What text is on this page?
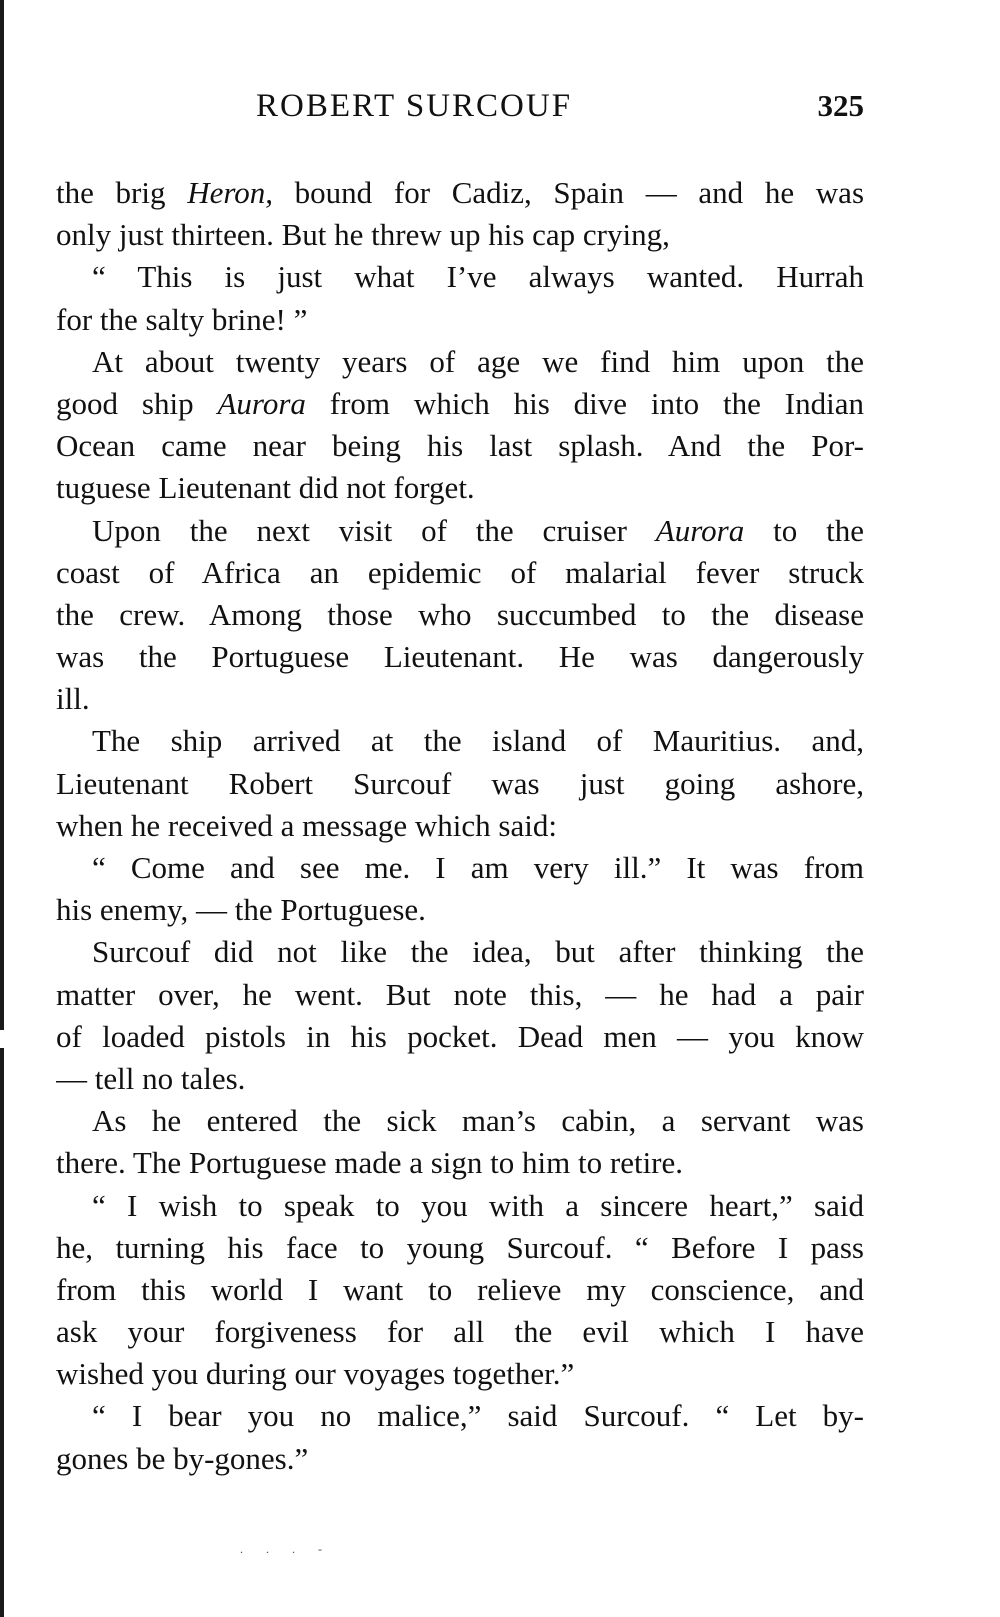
ROBERT SURCOUF	325
the brig Heron, bound for Cadiz, Spain — and he was
only just thirteen. But he threw up his cap crying,
“ This is just what I’ve always wanted. Hurrah
for the salty brine! ”
At about twenty years of age we find him upon the
good ship Aurora from which his dive into the Indian
Ocean came near being his last splash. And the Por-
tuguese Lieutenant did not forget.
Upon the next visit of the cruiser Aurora to the
coast of Africa an epidemic of malarial fever struck
the crew. Among those who succumbed to the disease
was the Portuguese Lieutenant. He was dangerously
ill.
The ship arrived at the island of Mauritius. and,
Lieutenant Robert Surcouf was just going ashore,
when he received a message which said:
“ Come and see me. I am very ill.” It was from
his enemy, — the Portuguese.
Surcouf did not like the idea, but after thinking the
matter over, he went. But note this, — he had a pair
of loaded pistols in his pocket. Dead men — you know
— tell no tales.
As he entered the sick man’s cabin, a servant was
there. The Portuguese made a sign to him to retire.
“ I wish to speak to you with a sincere heart,” said
he, turning his face to young Surcouf. “ Before I pass
from this world I want to relieve my conscience, and
ask your forgiveness for all the evil which I have
wished you during our voyages together.”
“ I bear you no malice,” said Surcouf. “ Let by-
gones be by-gones.”
. . . -
